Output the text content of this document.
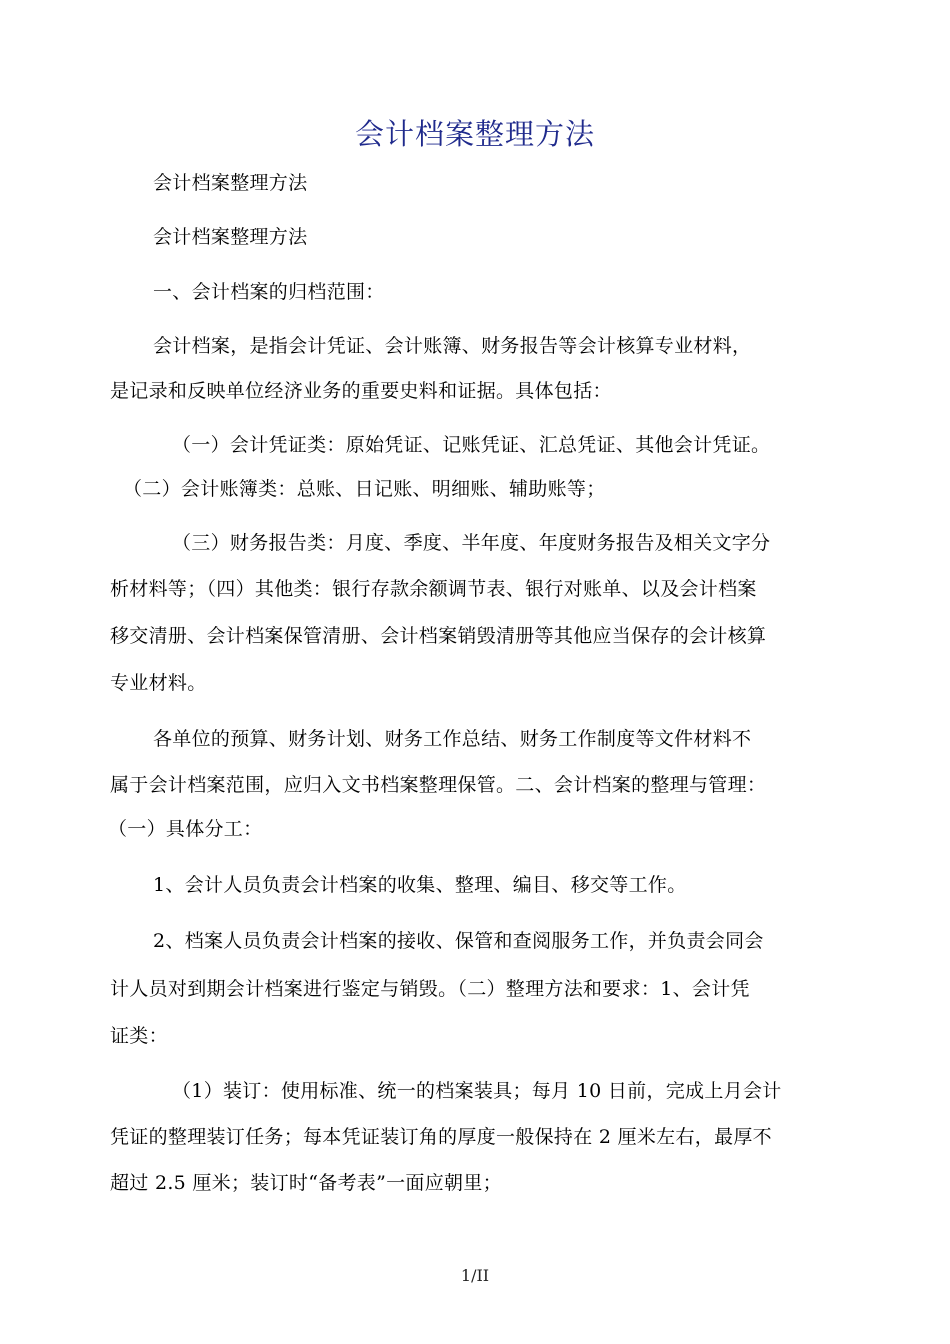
会计档案整理方法
会计档案整理方法
会计档案整理方法
一、会计档案的归档范围：
会计档案，是指会计凭证、会计账簿、财务报告等会计核算专业材料，
是记录和反映单位经济业务的重要史料和证据。具体包括：
（一）会计凭证类：原始凭证、记账凭证、汇总凭证、其他会计凭证。
（二）会计账簿类：总账、日记账、明细账、辅助账等；
（三）财务报告类：月度、季度、半年度、年度财务报告及相关文字分
析材料等；（四）其他类：银行存款余额调节表、银行对账单、以及会计档案
移交清册、会计档案保管清册、会计档案销毁清册等其他应当保存的会计核算
专业材料。
各单位的预算、财务计划、财务工作总结、财务工作制度等文件材料不
属于会计档案范围，应归入文书档案整理保管。二、会计档案的整理与管理：
（一）具体分工：
1、会计人员负责会计档案的收集、整理、编目、移交等工作。
2、档案人员负责会计档案的接收、保管和查阅服务工作，并负责会同会
计人员对到期会计档案进行鉴定与销毁。（二）整理方法和要求：1、会计凭
证类：
（1）装订：使用标准、统一的档案装具；每月 10 日前，完成上月会计
凭证的整理装订任务；每本凭证装订角的厚度一般保持在 2 厘米左右，最厚不
超过 2.5 厘米；装订时“备考表”一面应朝里；
1/II
